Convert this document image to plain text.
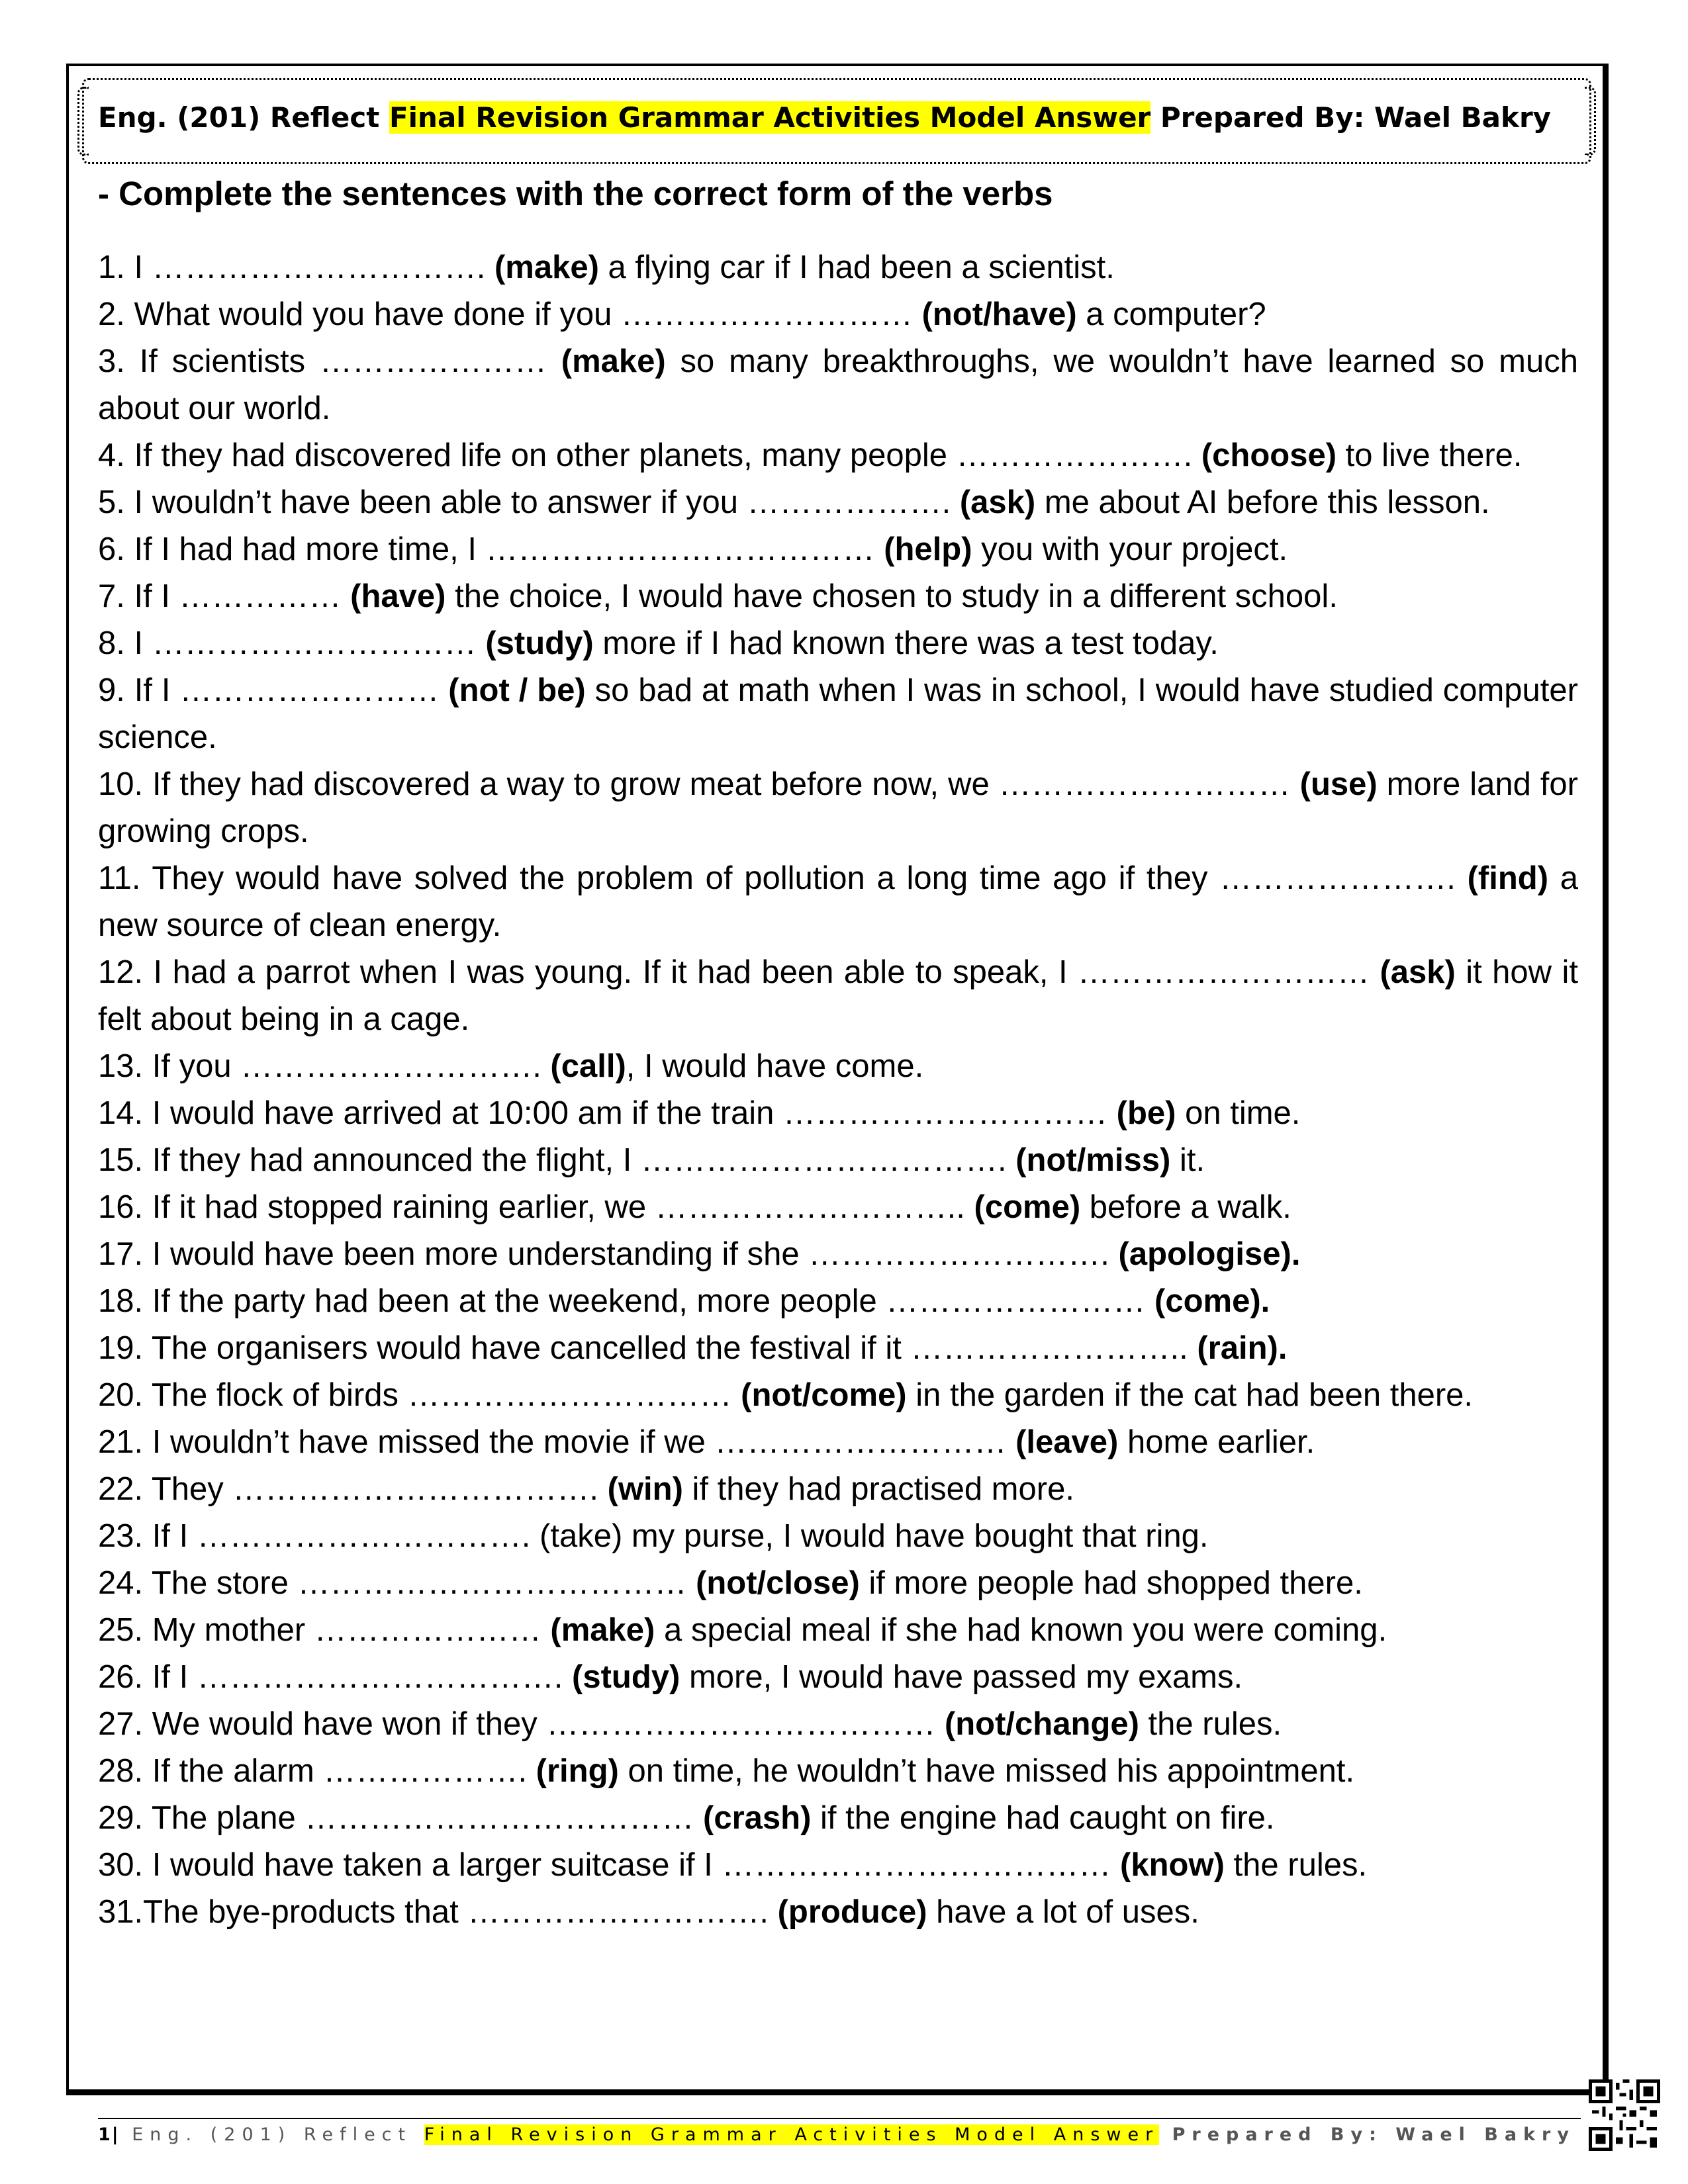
Eng. (201) Reflect Final Revision Grammar Activities Model Answer Prepared By: Wael Bakry
- Complete the sentences with the correct form of the verbs

1. I …………………………. (make) a flying car if I had been a scientist.

2. What would you have done if you ……………………… (not/have) a computer?

3. If scientists ………………… (make) so many breakthroughs, we wouldn’t have learned so much about our world.

4. If they had discovered life on other planets, many people …………………. (choose) to live there.

5. I wouldn’t have been able to answer if you ………………. (ask) me about AI before this lesson.

6. If I had had more time, I ……………………………… (help) you with your project.

7. If I …………… (have) the choice, I would have chosen to study in a different school.

8. I ………………………… (study) more if I had known there was a test today.

9. If I …………………… (not / be) so bad at math when I was in school, I would have studied computer science.

10. If they had discovered a way to grow meat before now, we ……………………… (use) more land for growing crops.

11. They would have solved the problem of pollution a long time ago if they …………………. (find) a new source of clean energy.

12. I had a parrot when I was young. If it had been able to speak, I ……………………… (ask) it how it felt about being in a cage.

13. If you ………………………. (call), I would have come.

14. I would have arrived at 10:00 am if the train ………………………… (be) on time.

15. If they had announced the flight, I ……………………………. (not/miss) it.

16. If it had stopped raining earlier, we ……………………….. (come) before a walk.

17. I would have been more understanding if she ………………………. (apologise).

18. If the party had been at the weekend, more people …………………… (come).

19. The organisers would have cancelled the festival if it …………………….. (rain).

20. The flock of birds ………………………… (not/come) in the garden if the cat had been there.

21. I wouldn’t have missed the movie if we ……………………… (leave) home earlier.

22. They ……………………………. (win) if they had practised more.

23. If I …………………………. (take) my purse, I would have bought that ring.

24. The store ……………………………… (not/close) if more people had shopped there.

25. My mother ………………… (make) a special meal if she had known you were coming.

26. If I ……………………………. (study) more, I would have passed my exams.

27. We would have won if they ……………………………… (not/change) the rules.

28. If the alarm ………………. (ring) on time, he wouldn’t have missed his appointment.

29. The plane ……………………………… (crash) if the engine had caught on fire.

30. I would have taken a larger suitcase if I ……………………………… (know) the rules.

31.The bye-products that ………………………. (produce) have a lot of uses.

1| Eng. (201) Reflect Final Revision Grammar Activities Model Answer Prepared By: Wael Bakry
